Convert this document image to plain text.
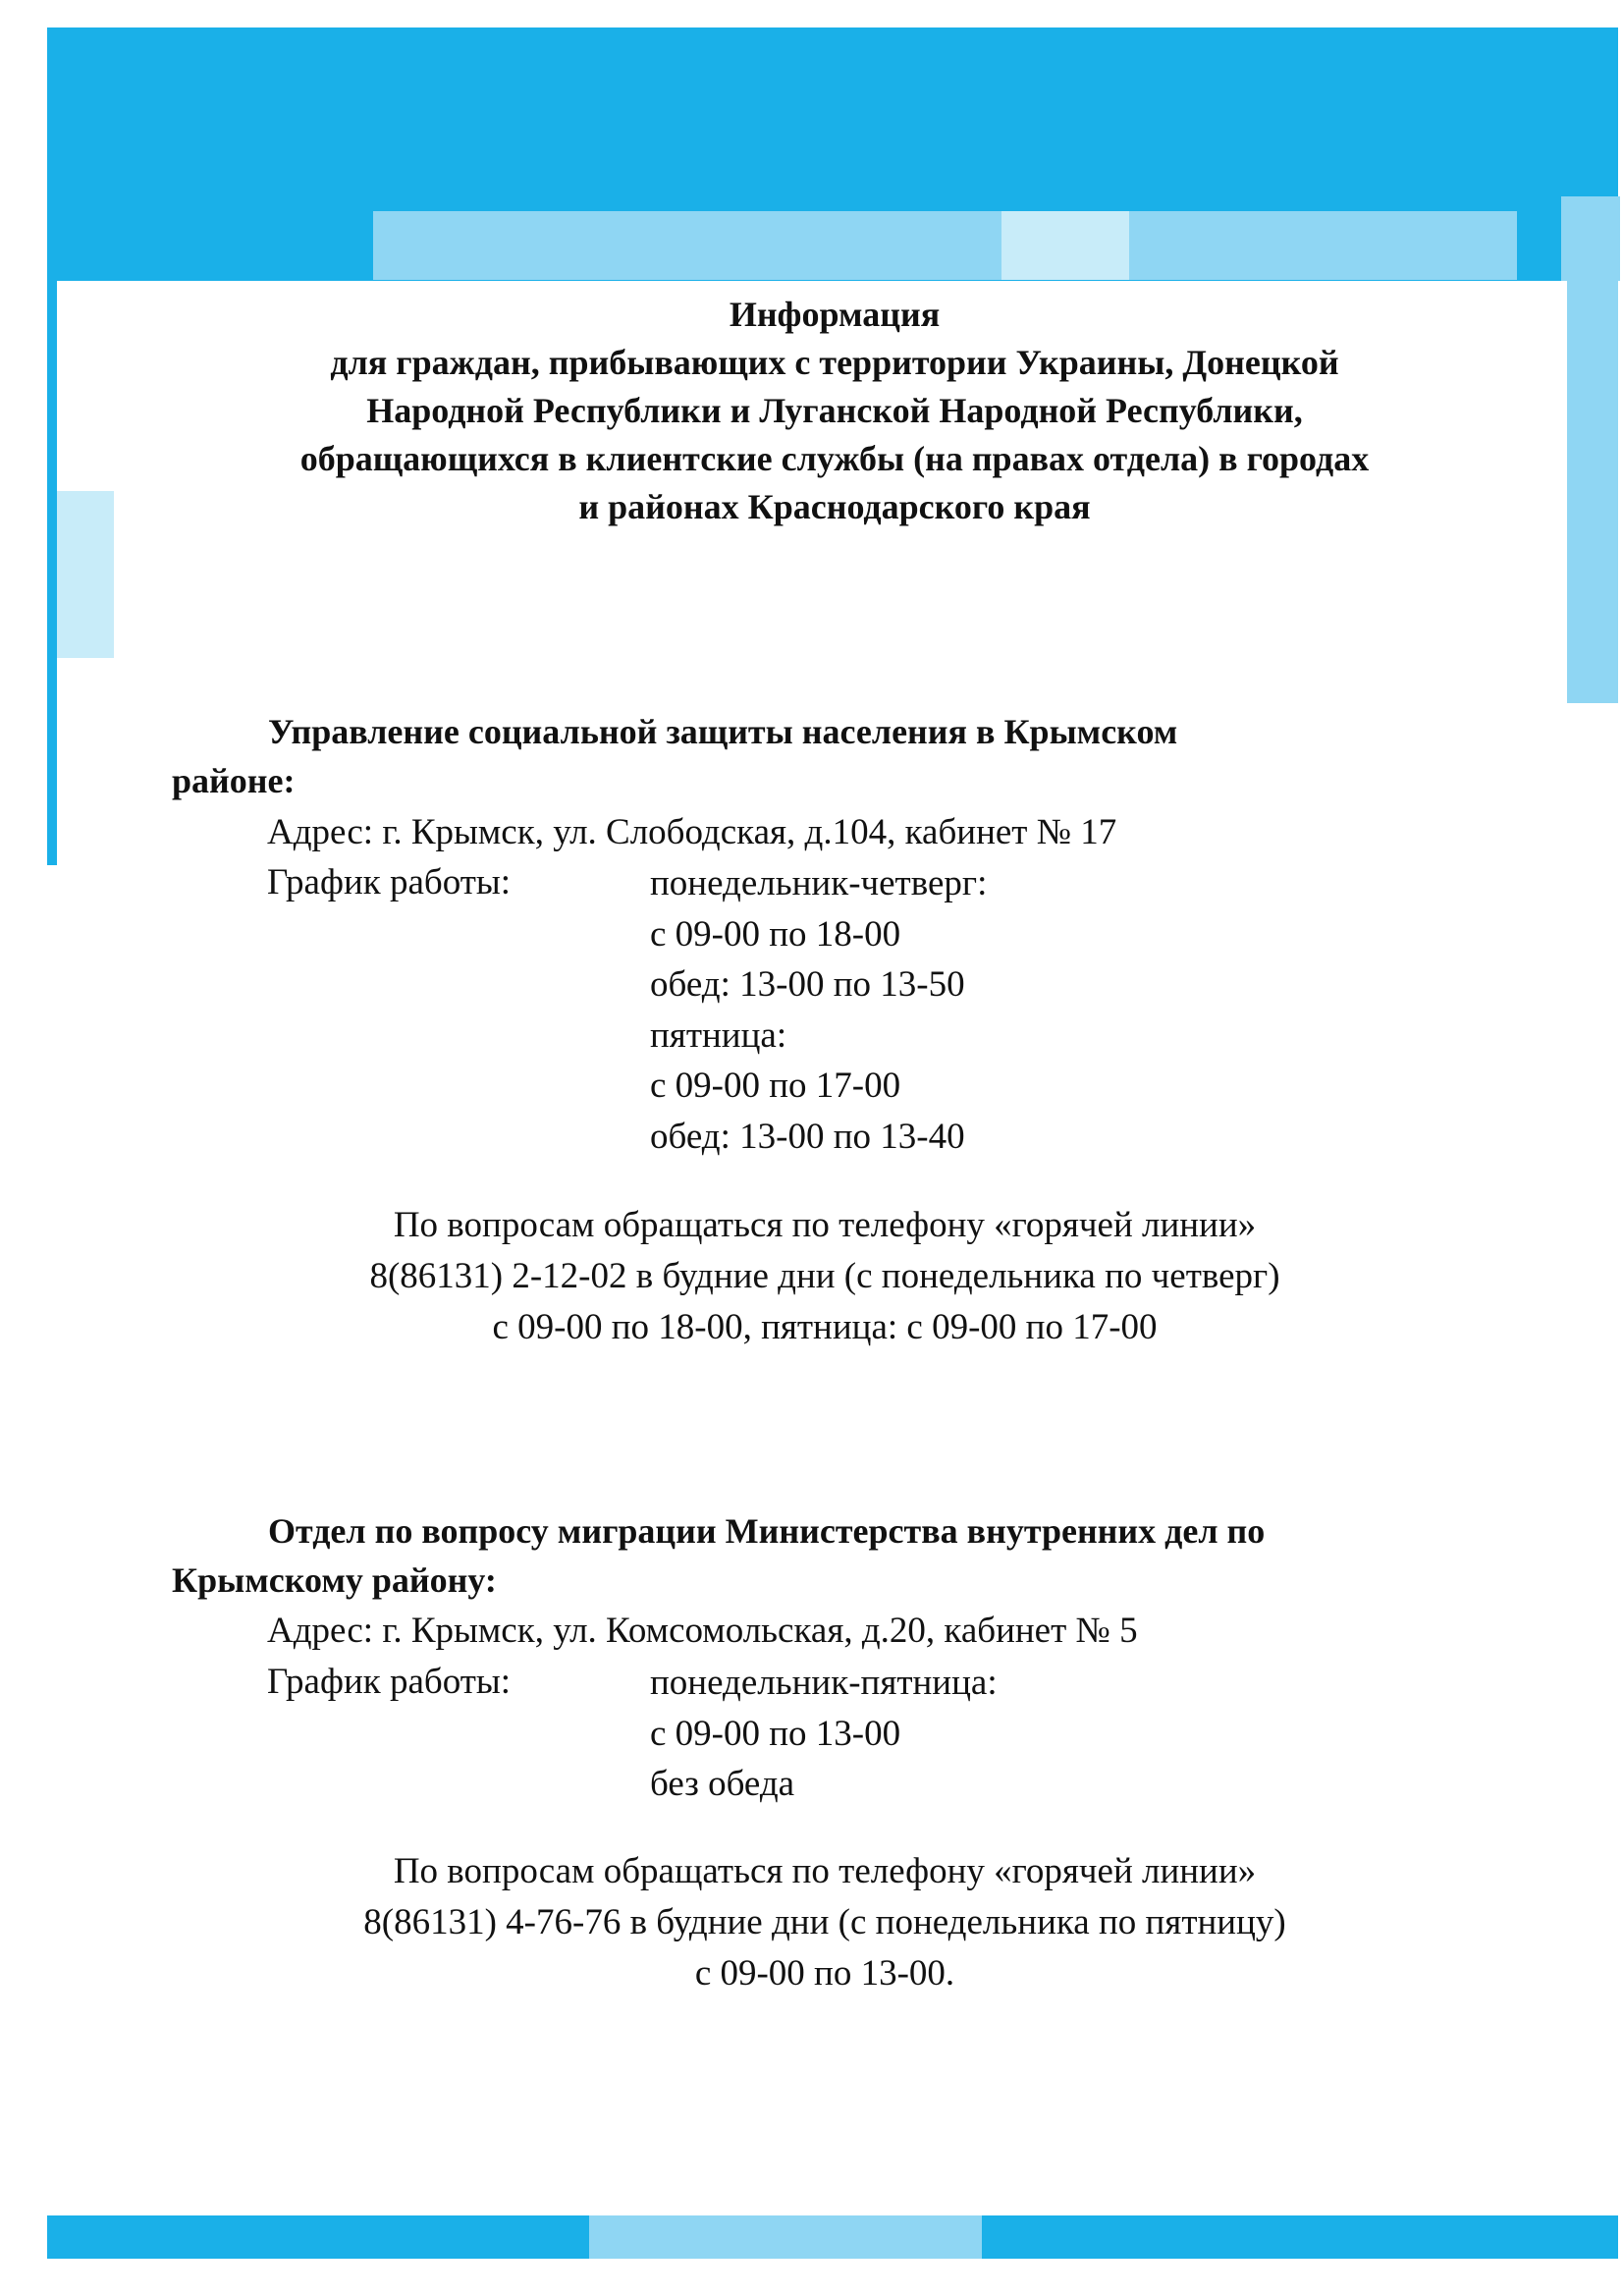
Информация
для граждан, прибывающих с территории Украины, Донецкой
Народной Республики и Луганской Народной Республики,
обращающихся в клиентские службы (на правах отдела) в городах
и районах Краснодарского края
Управление социальной защиты населения в Крымском
районе:
Адрес: г. Крымск, ул. Слободская, д.104, кабинет № 17
График работы:	понедельник-четверг:
с 09-00 по 18-00
обед: 13-00 по 13-50
пятница:
с 09-00 по 17-00
обед: 13-00 по 13-40
По вопросам обращаться по телефону «горячей линии»
8(86131) 2-12-02 в будние дни (с понедельника по четверг)
с 09-00 по 18-00, пятница: с 09-00 по 17-00
Отдел по вопросу миграции Министерства внутренних дел по
Крымскому району:
Адрес: г. Крымск, ул. Комсомольская, д.20, кабинет № 5
График работы:	понедельник-пятница:
с 09-00 по 13-00
без обеда
По вопросам обращаться по телефону «горячей линии»
8(86131) 4-76-76 в будние дни (с понедельника по пятницу)
с 09-00 по 13-00.
